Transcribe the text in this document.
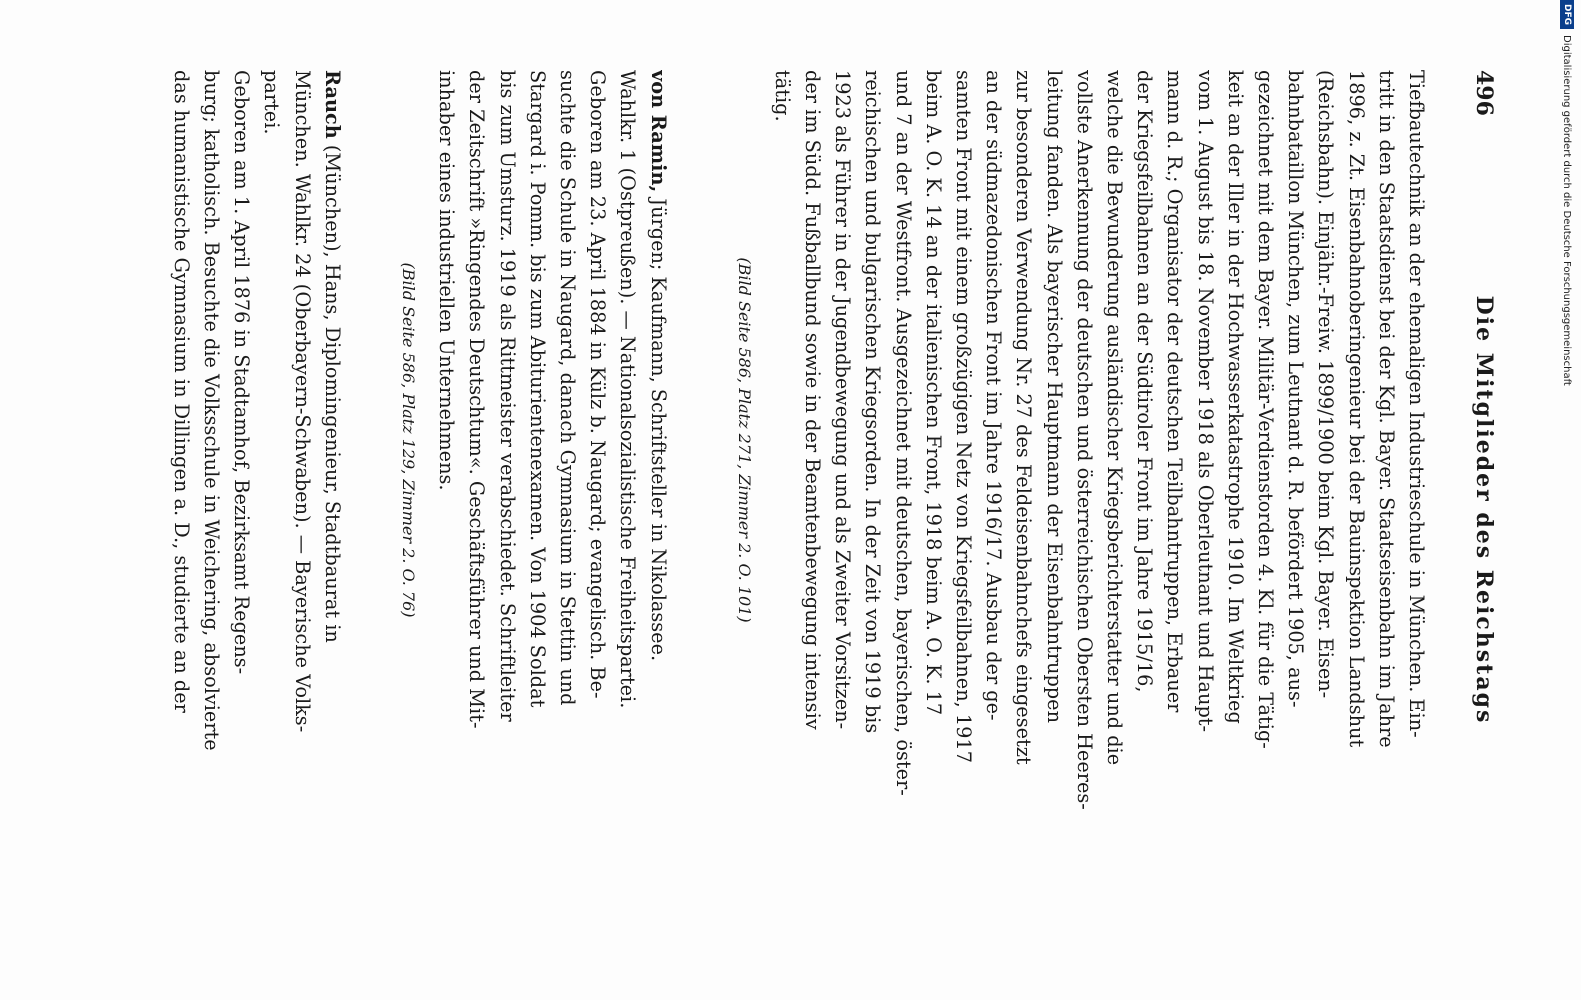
496
Die Mitglieder des Reichstags
Tiefbautechnik an der ehemaligen Industrieschule in München. Ein-
tritt in den Staatsdienst bei der Kgl. Bayer. Staatseisenbahn im Jahre
1896, z. Zt. Eisenbahnoberingenieur bei der Bauinspektion Landshut
(Reichsbahn). Einjähr.-Freiw. 1899/1900 beim Kgl. Bayer. Eisen-
bahnbataillon München, zum Leutnant d. R. befördert 1905, aus-
gezeichnet mit dem Bayer. Militär-Verdienstorden 4. Kl. für die Tätig-
keit an der Iller in der Hochwasserkatastrophe 1910. Im Weltkrieg
vom 1. August bis 18. November 1918 als Oberleutnant und Haupt-
mann d. R.; Organisator der deutschen Teilbahntruppen, Erbauer
der Kriegsfeilbahnen an der Südtiroler Front im Jahre 1915/16,
welche die Bewunderung ausländischer Kriegsberichterstatter und die
vollste Anerkennung der deutschen und österreichischen Obersten Heeres-
leitung fanden. Als bayerischer Hauptmann der Eisenbahntruppen
zur besonderen Verwendung Nr. 27 des Feldeisenbahnchefs eingesetzt
an der südmazedonischen Front im Jahre 1916/17. Ausbau der ge-
samten Front mit einem großzügigen Netz von Kriegsfeilbahnen, 1917
beim A. O. K. 14 an der italienischen Front, 1918 beim A. O. K. 17
und 7 an der Westfront. Ausgezeichnet mit deutschen, bayerischen, öster-
reichischen und bulgarischen Kriegsorden. In der Zeit von 1919 bis
1923 als Führer in der Jugendbewegung und als Zweiter Vorsitzen-
der im Südd. Fußballbund sowie in der Beamtenbewegung intensiv
tätig.
(Bild Seite 586, Platz 271, Zimmer 2. O. 101)
von Ramin, Jürgen; Kaufmann, Schriftsteller in Nikolassee.
Wahlkr. 1 (Ostpreußen). — Nationalsozialistische Freiheitspartei.
Geboren am 23. April 1884 in Külz b. Naugard; evangelisch. Be-
suchte die Schule in Naugard, danach Gymnasium in Stettin und
Stargard i. Pomm. bis zum Abiturientenexamen. Von 1904 Soldat
bis zum Umsturz. 1919 als Rittmeister verabschiedet. Schriftleiter
der Zeitschrift »Ringendes Deutschtum«. Geschäftsführer und Mit-
inhaber eines industriellen Unternehmens.
(Bild Seite 586, Platz 129, Zimmer 2. O. 76)
Rauch (München), Hans, Diplomingenieur, Stadtbaurat in
München. Wahlkr. 24 (Oberbayern-Schwaben). — Bayerische Volks-
partei.
Geboren am 1. April 1876 in Stadtamhof, Bezirksamt Regens-
burg; katholisch. Besuchte die Volksschule in Weichering, absolvierte
das humanistische Gymnasium in Dillingen a. D., studierte an der
DFGDigitalisierung gefördert durch die Deutsche Forschungsgemeinschaft
